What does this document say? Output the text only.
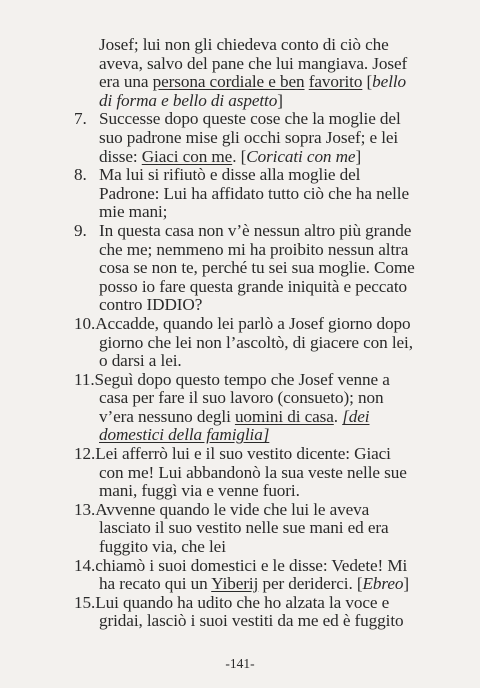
Josef; lui non gli chiedeva conto di ciò che
aveva, salvo del pane che lui mangiava. Josef
era una persona cordiale e ben favorito [bello
di forma e bello di aspetto]
7. Successe dopo queste cose che la moglie del
suo padrone mise gli occhi sopra Josef; e lei
disse: Giaci con me. [Coricati con me]
8. Ma lui si rifiutò e disse alla moglie del
Padrone: Lui ha affidato tutto ciò che ha nelle
mie mani;
9. In questa casa non v’è nessun altro più grande
che me; nemmeno mi ha proibito nessun altra
cosa se non te, perché tu sei sua moglie. Come
posso io fare questa grande iniquità e peccato
contro IDDIO?
10.Accadde, quando lei parlò a Josef giorno dopo
giorno che lei non l’ascoltò, di giacere con lei,
o darsi a lei.
11.Seguì dopo questo tempo che Josef venne a
casa per fare il suo lavoro (consueto); non
v’era nessuno degli uomini di casa. [dei
domestici della famiglia]
12.Lei afferrò lui e il suo vestito dicente: Giaci
con me! Lui abbandonò la sua veste nelle sue
mani, fuggì via e venne fuori.
13.Avvenne quando le vide che lui le aveva
lasciato il suo vestito nelle sue mani ed era
fuggito via, che lei
14.chiamò i suoi domestici e le disse: Vedete! Mi
ha recato qui un Yiberij per deriderci. [Ebreo]
15.Lui quando ha udito che ho alzata la voce e
gridai, lasciò i suoi vestiti da me ed è fuggito
-141-
